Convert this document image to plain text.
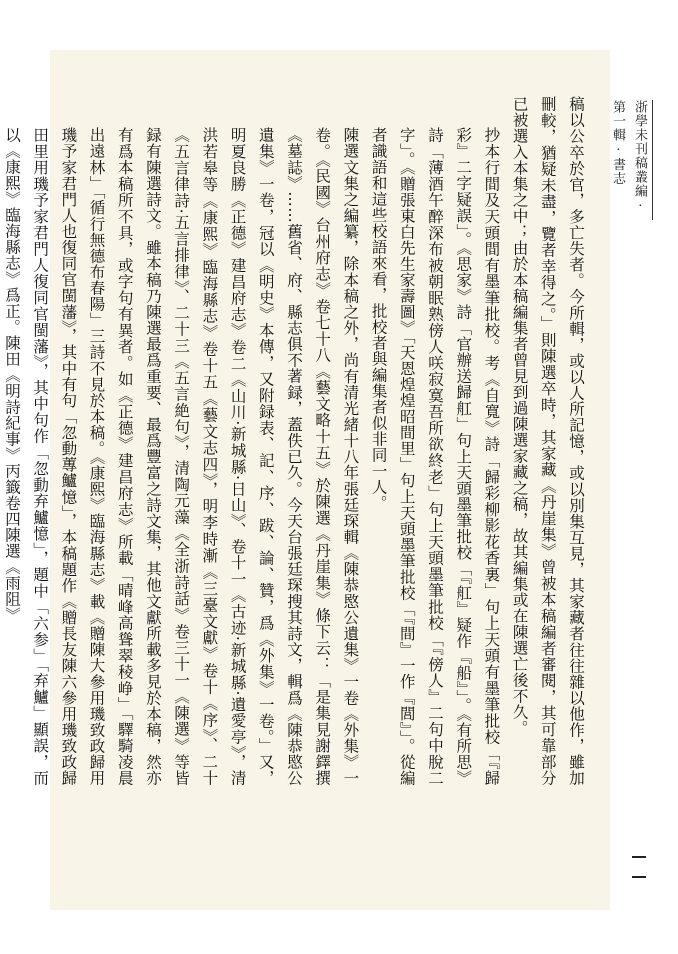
浙學未刊稿叢編 · 第一輯 · 書志

稿以公卒於官，多亡失者。今所輯，或以人所記憶，或以別集互見，其家藏者往往雜以他作，雖加刪較，猶疑未盡，覽者幸得之。」則陳選卒時，其家藏《丹崖集》曾被本稿編者審閱，其可靠部分已被選入本集之中；由於本稿編集者曾見到過陳選家藏之稿，故其編集或在陳選亡後不久。

抄本行間及天頭間有墨筆批校。考《自寬》詩「歸彩柳影花香裏」句上天頭有墨筆批校「『歸彩』二字疑誤」。《思家》詩「官辦送歸舡」句上天頭墨筆批校「『舡』疑作『船』」。《有所思》詩「薄酒午醉深布被朝眠熟傍人咲寂寞吾所欲終老」句上天頭墨筆批校「『傍人』二句中脫二字」。《贈張東白先生家壽圖》「天恩煌煌昭間里」句上天頭墨筆批校「『間』一作『閭』」。從編者識語和這些校語來看，批校者與編集者似非同一人。

陳選文集之編纂，除本稿之外，尚有清光緒十八年張廷琛輯《陳恭愍公遺集》一卷《外集》一卷。《民國》台州府志》卷七十八《藝文略十五》於陳選《丹崖集》條下云：「是集見謝鐸撰《墓誌》……舊省、府、縣志俱不著録，蓋佚已久。今天台張廷琛搜其詩文，輯爲《陳恭愍公遺集》一卷，冠以《明史》本傳，又附録表、記、序、跋、論、贊，爲《外集》一卷。」又，明夏良勝《正德》建昌府志》卷二《山川·新城縣·日山》、卷十一《古迹·新城縣·遺愛亭》，清洪若皋等《康熙》臨海縣志》卷十五《藝文志四》，明李時漸《三臺文獻》卷十《序》、二十《五言律詩·五言排律》、二十三《五言絶句》，清陶元藻《全浙詩話》卷三十一《陳選》等皆録有陳選詩文。雖本稿乃陳選最爲重要、最爲豐富之詩文集，其他文獻所載多見於本稿，然亦有爲本稿所不具，或字句有異者。如《正德》建昌府志》所載「晴峰高聳翠稜峥」「驛騎凌晨出遠林」「循行無德布春陽」三詩不見於本稿。《康熙》臨海縣志》載《贈陳大參用璣致政歸用璣予家君門人也復同官閩藩》，其中有句「忽動蓴鱸憶」，本稿題作《贈長友陳六參用璣致政歸田里用璣予家君門人復同官閩藩》，其中句作「忽動弃鱸憶」，題中「六参」「弃鱸」顯誤，而以《康熙》臨海縣志》爲正。陳田《明詩紀事》丙籤卷四陳選《雨阻》
